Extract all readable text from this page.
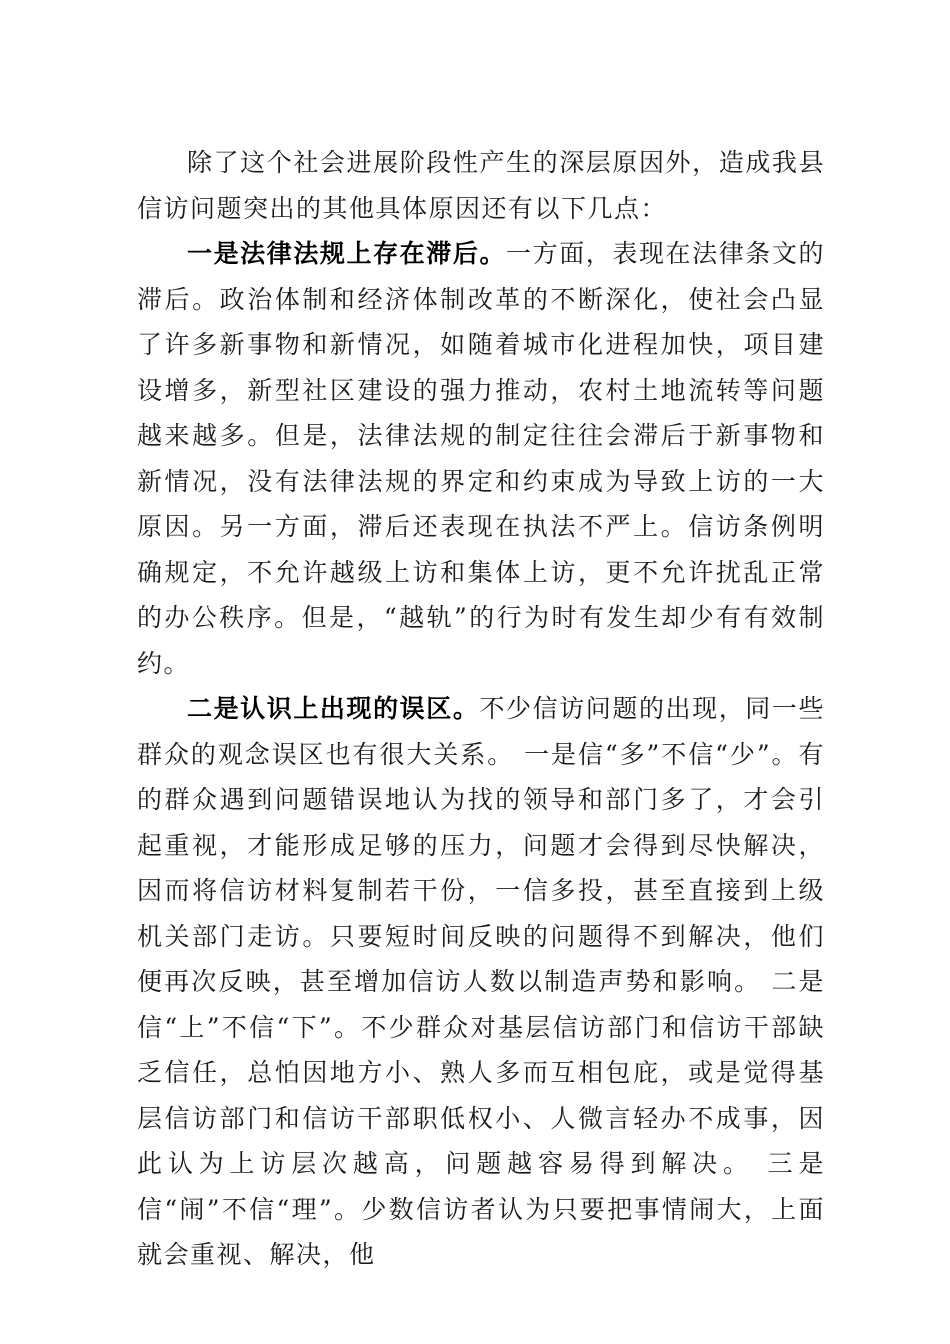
除了这个社会进展阶段性产生的深层原因外，造成我县信访问题突出的其他具体原因还有以下几点：

一是法律法规上存在滞后。一方面，表现在法律条文的滞后。政治体制和经济体制改革的不断深化，使社会凸显了许多新事物和新情况，如随着城市化进程加快，项目建设增多，新型社区建设的强力推动，农村土地流转等问题越来越多。但是，法律法规的制定往往会滞后于新事物和新情况，没有法律法规的界定和约束成为导致上访的一大原因。另一方面，滞后还表现在执法不严上。信访条例明确规定，不允许越级上访和集体上访，更不允许扰乱正常的办公秩序。但是，“越轨”的行为时有发生却少有有效制约。

二是认识上出现的误区。不少信访问题的出现，同一些群众的观念误区也有很大关系。 一是信“多”不信“少”。有的群众遇到问题错误地认为找的领导和部门多了，才会引起重视，才能形成足够的压力，问题才会得到尽快解决，因而将信访材料复制若干份，一信多投，甚至直接到上级机关部门走访。只要短时间反映的问题得不到解决，他们便再次反映，甚至增加信访人数以制造声势和影响。 二是信“上”不信“下”。不少群众对基层信访部门和信访干部缺乏信任，总怕因地方小、熟人多而互相包庇，或是觉得基层信访部门和信访干部职低权小、人微言轻办不成事，因此认为上访层次越高，问题越容易得到解决。 三是信“闹”不信“理”。少数信访者认为只要把事情闹大，上面就会重视、解决，他
